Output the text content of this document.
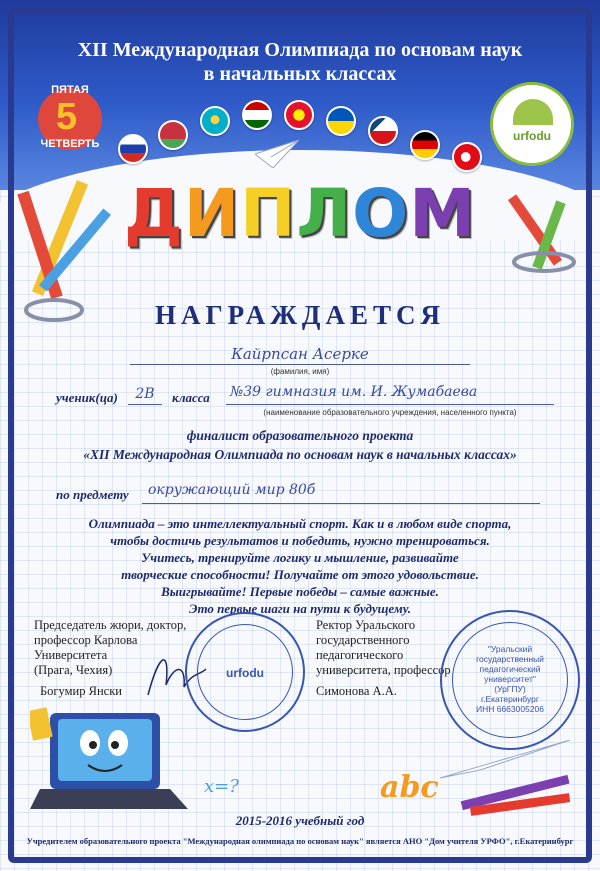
XII Международная Олимпиада по основам наук
в начальных классах
ПЯТАЯ
5
ЧЕТВЕРТЬ
urfodu
ДИПЛОМ
НАГРАЖДАЕТСЯ
Кайрпсан Асерке
(фамилия, имя)
ученик(ца)	2В	класса №39 гимназия им. И. Жумабаева
(наименование образовательного учреждения, населенного пункта)
финалист образовательного проекта
«XII Международная Олимпиада по основам наук в начальных классах»
по предмету окружающий мир 80б
Олимпиада – это интеллектуальный спорт. Как и в любом виде спорта,
чтобы достичь результатов и победить, нужно тренироваться.
Учитесь, тренируйте логику и мышление, развивайте
творческие способности! Получайте от этого удовольствие.
Выигрывайте! Первые победы – самые важные.
Это первые шаги на пути к будущему.
Председатель жюри, доктор,
профессор Карлова
Университета
(Прага, Чехия)
Богумир Янски
urfodu
Ректор Уральского
государственного
педагогического
университета, профессор
Симонова А.А.
"Уральский
государственный
педагогический
университет"
(УрГПУ)
г.Екатеринбург
ИНН 6663005206
x=?	abc
2015-2016 учебный год
Учредителем образовательного проекта "Международная олимпиада по основам наук" является АНО "Дом учителя УРФО", г.Екатеринбург
